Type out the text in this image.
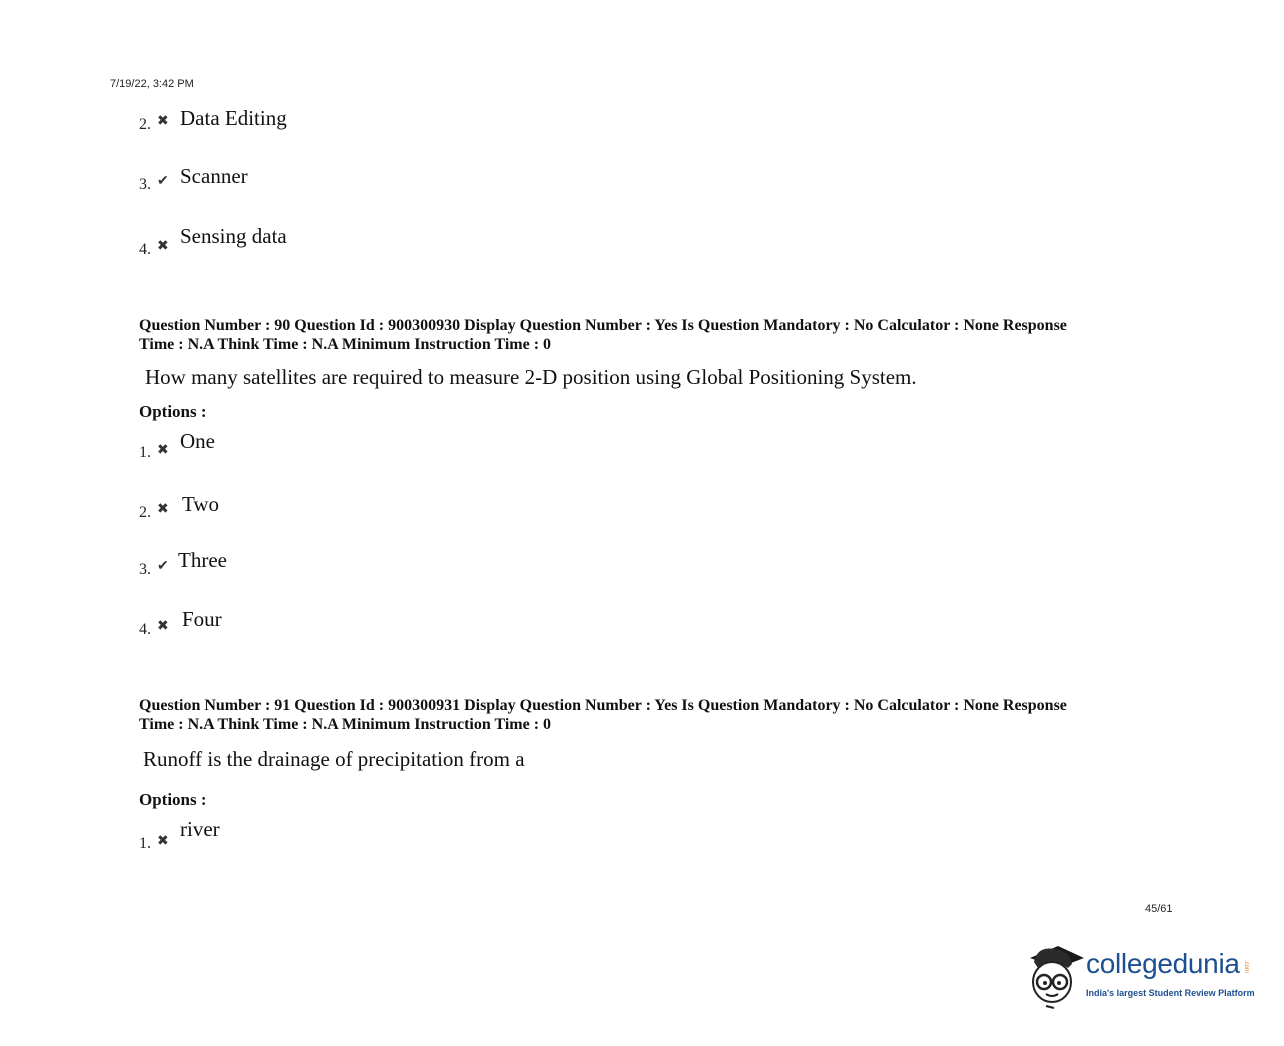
7/19/22, 3:42 PM
2. ✖ Data Editing
3. ✔ Scanner
4. ✖ Sensing data
Question Number : 90 Question Id : 900300930 Display Question Number : Yes Is Question Mandatory : No Calculator : None Response
Time : N.A Think Time : N.A Minimum Instruction Time : 0
How many satellites are required to measure 2-D position using Global Positioning System.
Options :
1. ✖ One
2. ✖ Two
3. ✔ Three
4. ✖ Four
Question Number : 91 Question Id : 900300931 Display Question Number : Yes Is Question Mandatory : No Calculator : None Response
Time : N.A Think Time : N.A Minimum Instruction Time : 0
Runoff is the drainage of precipitation from a
Options :
1. ✖
river
45/61
collegedunia .com
India's largest Student Review Platform
